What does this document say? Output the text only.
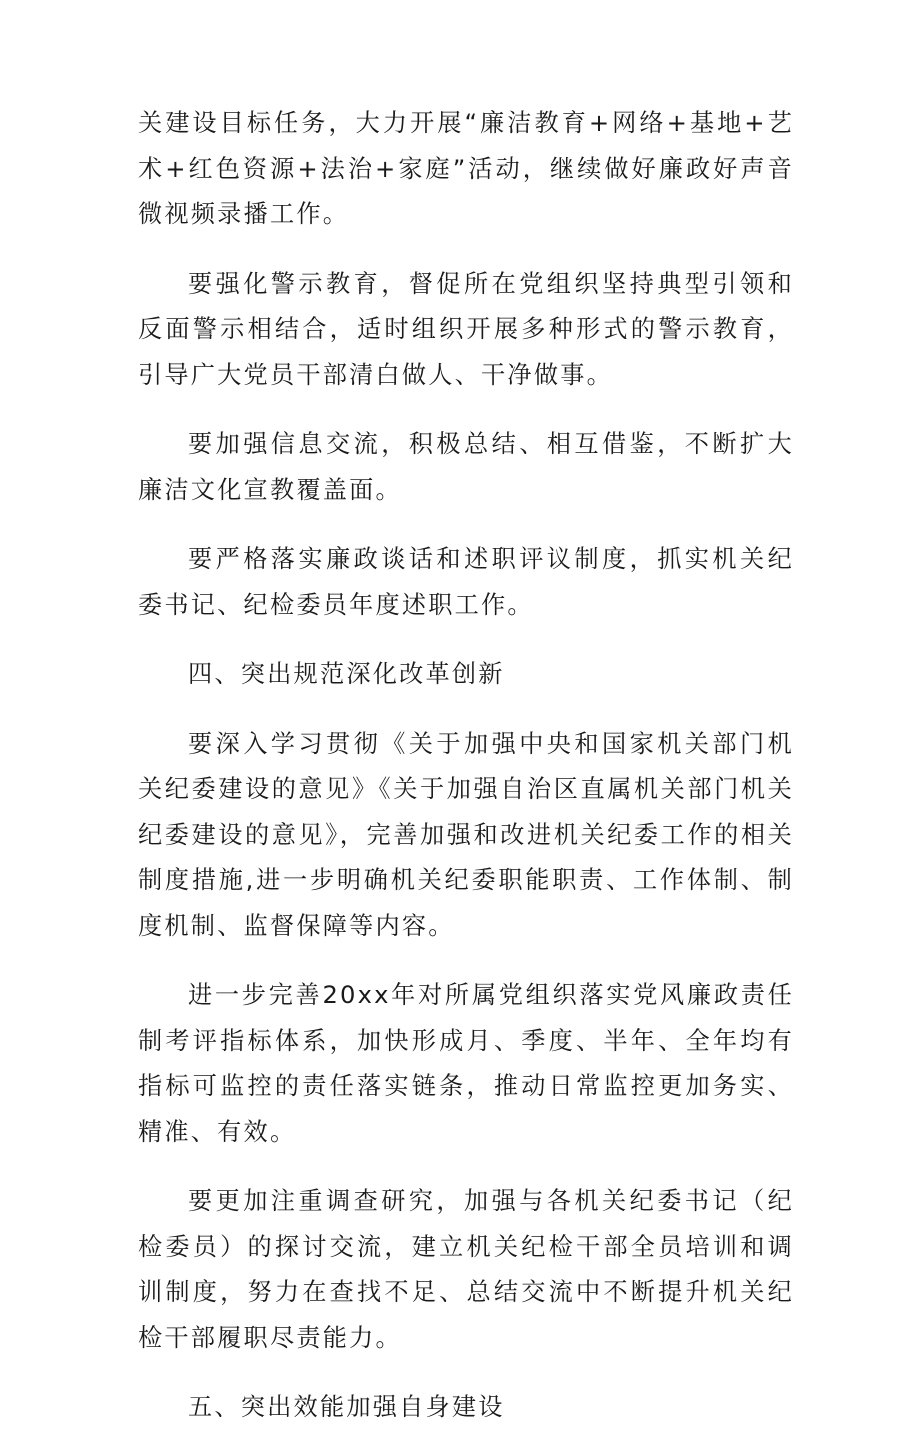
关建设目标任务，大力开展“廉洁教育+网络+基地+艺术+红色资源+法治+家庭”活动，继续做好廉政好声音微视频录播工作。

要强化警示教育，督促所在党组织坚持典型引领和反面警示相结合，适时组织开展多种形式的警示教育，引导广大党员干部清白做人、干净做事。

要加强信息交流，积极总结、相互借鉴，不断扩大廉洁文化宣教覆盖面。

要严格落实廉政谈话和述职评议制度，抓实机关纪委书记、纪检委员年度述职工作。

四、突出规范深化改革创新

要深入学习贯彻《关于加强中央和国家机关部门机关纪委建设的意见》《关于加强自治区直属机关部门机关纪委建设的意见》，完善加强和改进机关纪委工作的相关制度措施,进一步明确机关纪委职能职责、工作体制、制度机制、监督保障等内容。

进一步完善20xx年对所属党组织落实党风廉政责任制考评指标体系，加快形成月、季度、半年、全年均有指标可监控的责任落实链条，推动日常监控更加务实、精准、有效。

要更加注重调查研究，加强与各机关纪委书记（纪检委员）的探讨交流，建立机关纪检干部全员培训和调训制度，努力在查找不足、总结交流中不断提升机关纪检干部履职尽责能力。

五、突出效能加强自身建设
